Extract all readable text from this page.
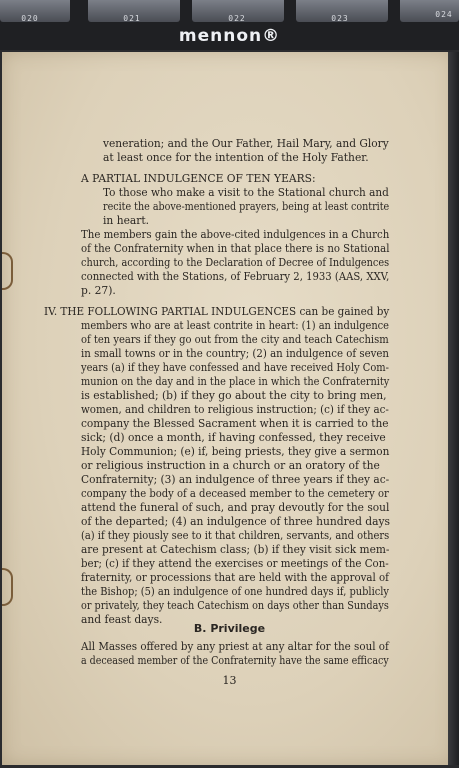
020	021	022	023	024
mennon®

veneration; and the Our Father, Hail Mary, and Glory

at least once for the intention of the Holy Father.

A PARTIAL INDULGENCE OF TEN YEARS:

To those who make a visit to the Stational church and

recite the above-mentioned prayers, being at least contrite

in heart.

The members gain the above-cited indulgences in a Church

of the Confraternity when in that place there is no Stational

church, according to the Declaration of Decree of Indulgences

connected with the Stations, of February 2, 1933 (AAS, XXV,

p. 27).

IV. THE FOLLOWING PARTIAL INDULGENCES can be gained by

members who are at least contrite in heart: (1) an indulgence

of ten years if they go out from the city and teach Catechism

in small towns or in the country; (2) an indulgence of seven

years (a) if they have confessed and have received Holy Com-

munion on the day and in the place in which the Confraternity

is established; (b) if they go about the city to bring men,

women, and children to religious instruction; (c) if they ac-

company the Blessed Sacrament when it is carried to the

sick; (d) once a month, if having confessed, they receive

Holy Communion; (e) if, being priests, they give a sermon

or religious instruction in a church or an oratory of the

Confraternity; (3) an indulgence of three years if they ac-

company the body of a deceased member to the cemetery or

attend the funeral of such, and pray devoutly for the soul

of the departed; (4) an indulgence of three hundred days

(a) if they piously see to it that children, servants, and others

are present at Catechism class; (b) if they visit sick mem-

ber; (c) if they attend the exercises or meetings of the Con-

fraternity, or processions that are held with the approval of

the Bishop; (5) an indulgence of one hundred days if, publicly

or privately, they teach Catechism on days other than Sundays

and feast days.

B. Privilege

All Masses offered by any priest at any altar for the soul of

a deceased member of the Confraternity have the same efficacy

13
